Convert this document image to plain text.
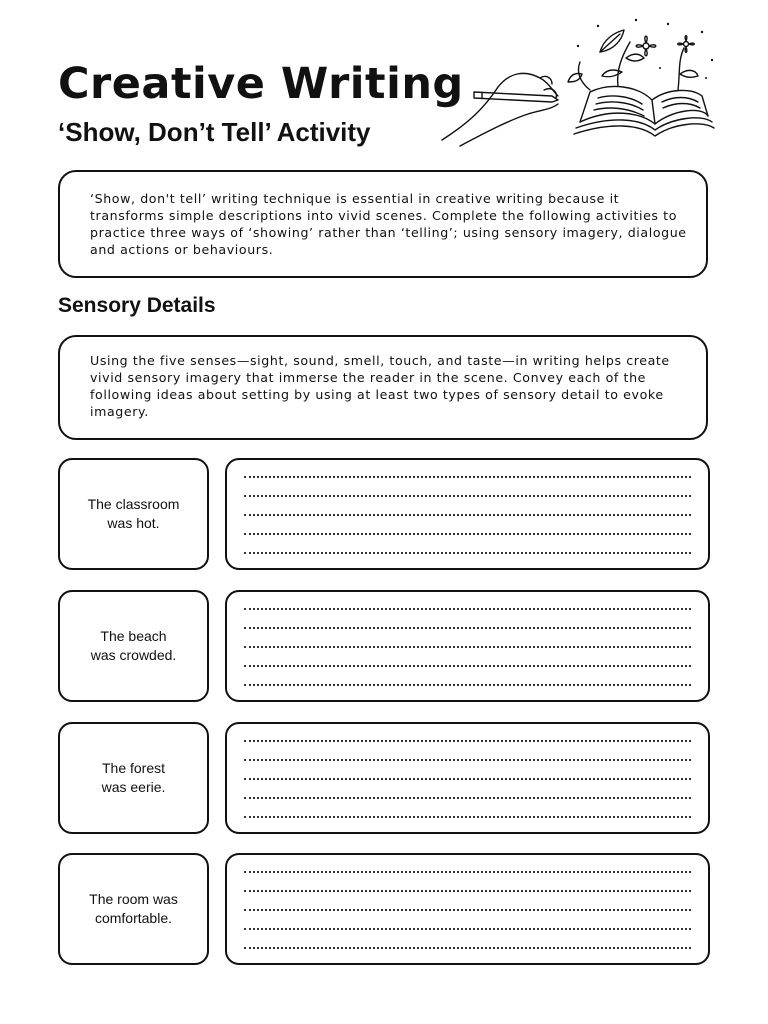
Creative Writing
‘Show, Don’t Tell’ Activity
‘Show, don't tell’ writing technique is essential in creative writing because it transforms simple descriptions into vivid scenes. Complete the following activities to practice three ways of ‘showing’ rather than ‘telling’; using sensory imagery, dialogue and actions or behaviours.
Sensory Details
Using the five senses—sight, sound, smell, touch, and taste—in writing helps create vivid sensory imagery that immerse the reader in the scene. Convey each of the following ideas about setting by using at least two types of sensory detail to evoke imagery.
The classroom
was hot.
The beach
was crowded.
The forest
was eerie.
The room was
comfortable.
